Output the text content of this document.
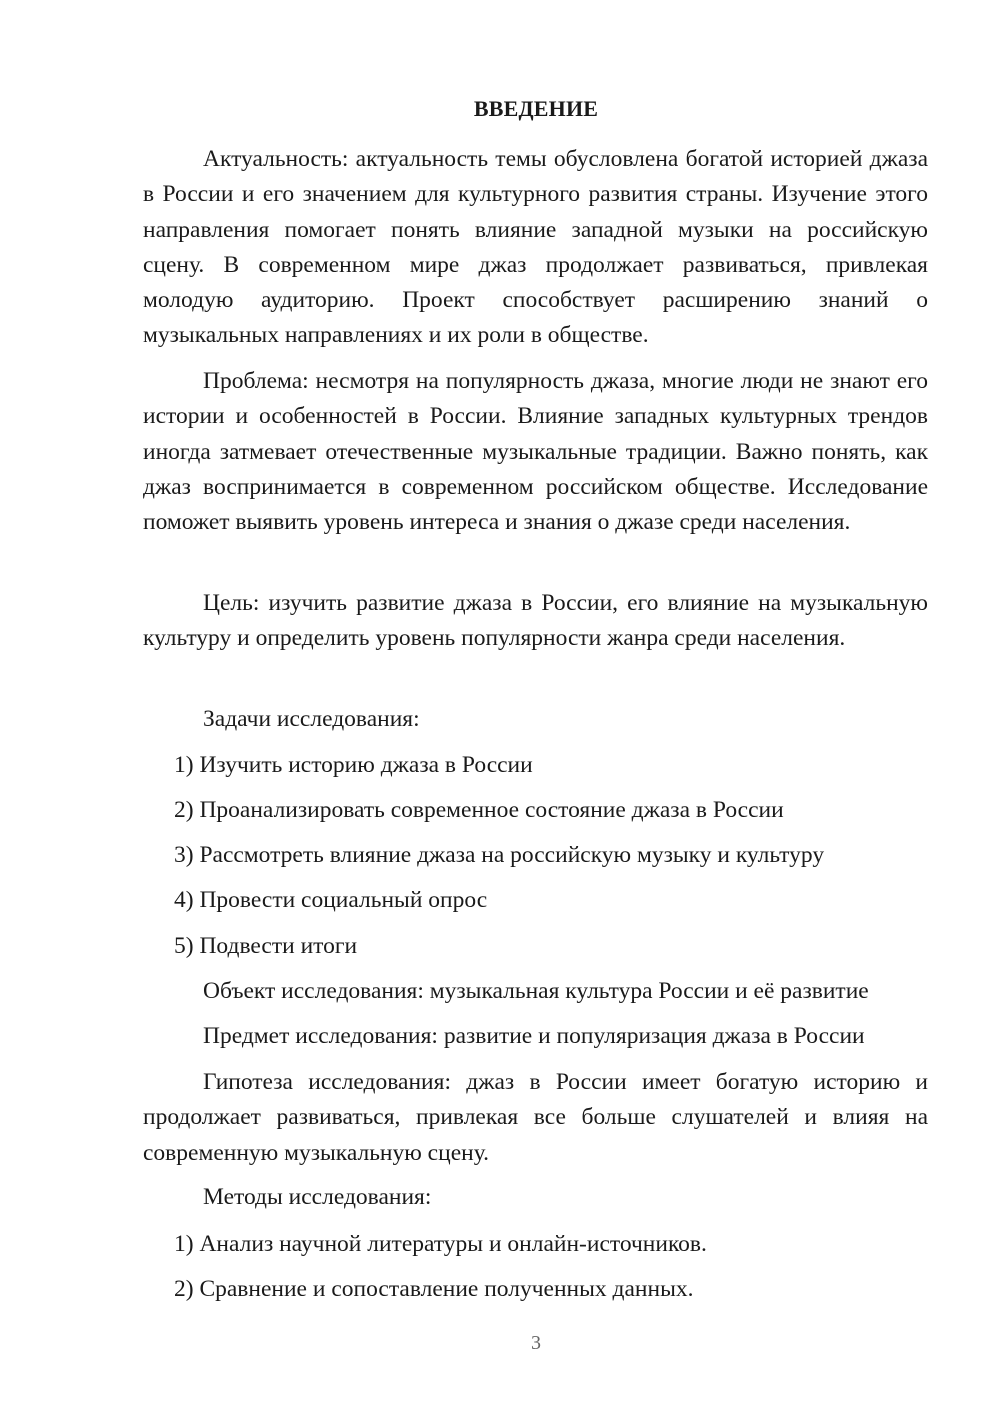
ВВЕДЕНИЕ

Актуальность: актуальность темы обусловлена богатой историей джаза в России и его значением для культурного развития страны. Изучение этого направления помогает понять влияние западной музыки на российскую сцену. В современном мире джаз продолжает развиваться, привлекая молодую аудиторию. Проект способствует расширению знаний о музыкальных направлениях и их роли в обществе.

Проблема: несмотря на популярность джаза, многие люди не знают его истории и особенностей в России. Влияние западных культурных трендов иногда затмевает отечественные музыкальные традиции. Важно понять, как джаз воспринимается в современном российском обществе. Исследование поможет выявить уровень интереса и знания о джазе среди населения.

Цель: изучить развитие джаза в России, его влияние на музыкальную культуру и определить уровень популярности жанра среди населения.

Задачи исследования:

1) Изучить историю джаза в России

2) Проанализировать современное состояние джаза в России

3) Рассмотреть влияние джаза на российскую музыку и культуру

4) Провести социальный опрос

5) Подвести итоги

Объект исследования: музыкальная культура России и её развитие

Предмет исследования: развитие и популяризация джаза в России

Гипотеза исследования: джаз в России имеет богатую историю и продолжает развиваться, привлекая все больше слушателей и влияя на современную музыкальную сцену.

Методы исследования:

1) Анализ научной литературы и онлайн-источников.

2) Сравнение и сопоставление полученных данных.

3
